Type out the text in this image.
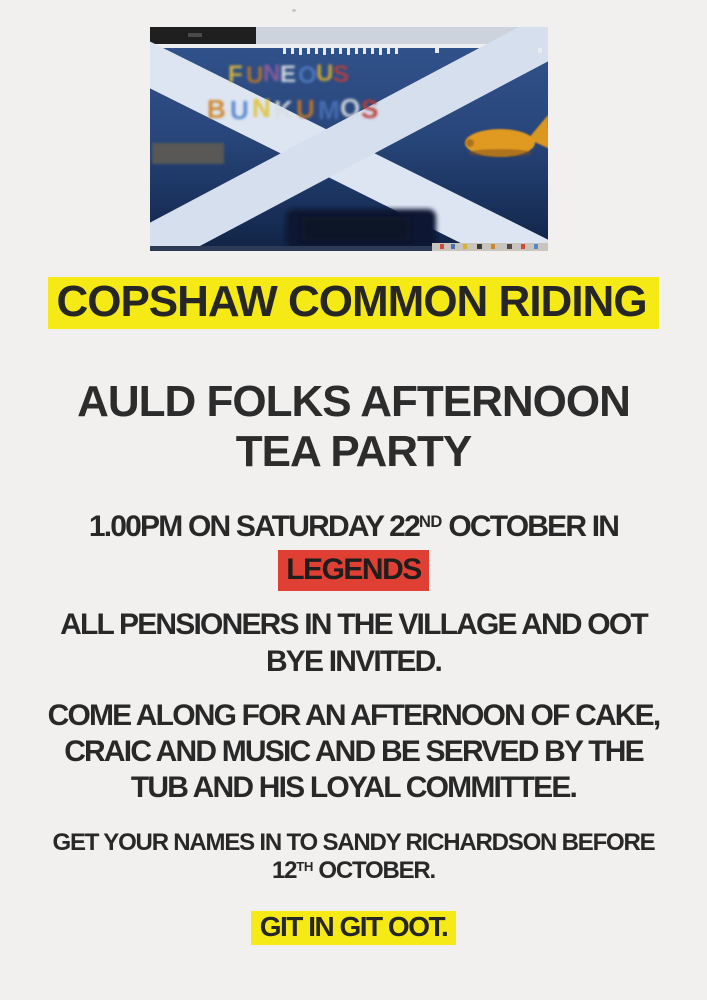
F U N E O U S
B U N K U M O S
COPSHAW COMMON RIDING
AULD FOLKS AFTERNOON
TEA PARTY
1.00PM ON SATURDAY 22ND OCTOBER IN
LEGENDS
ALL PENSIONERS IN THE VILLAGE AND OOT
BYE INVITED.
COME ALONG FOR AN AFTERNOON OF CAKE,
CRAIC AND MUSIC AND BE SERVED BY THE
TUB AND HIS LOYAL COMMITTEE.
GET YOUR NAMES IN TO SANDY RICHARDSON BEFORE
12TH OCTOBER.
GIT IN GIT OOT.
